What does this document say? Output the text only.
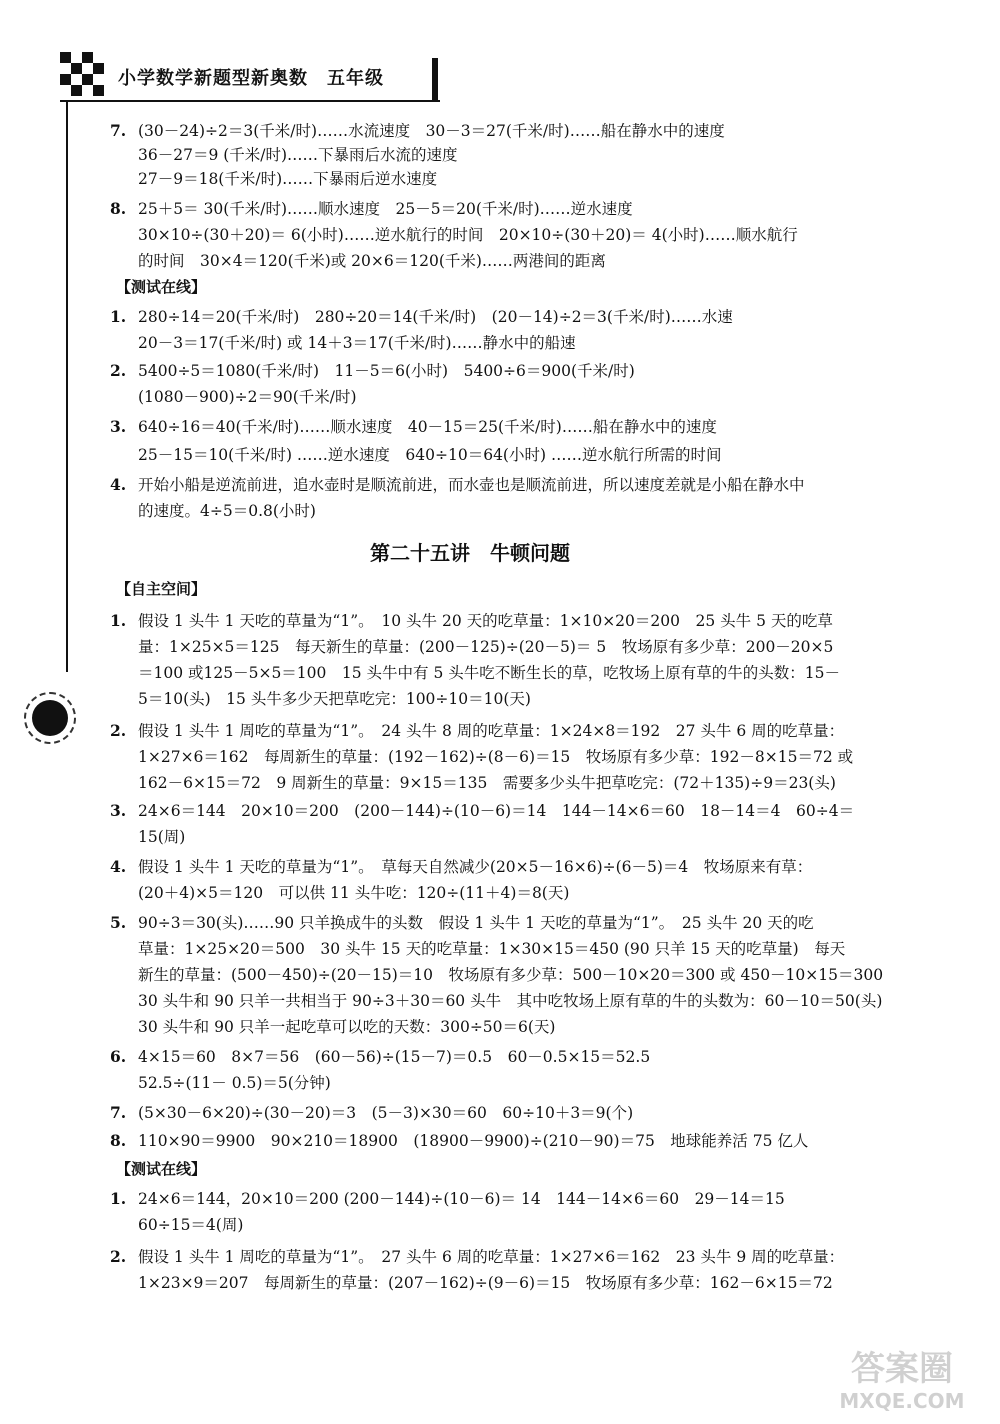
小学数学新题型新奥数　五年级
7. (30－24)÷2＝3(千米/时)……水流速度　30－3＝27(千米/时)……船在静水中的速度
36－27＝9 (千米/时)……下暴雨后水流的速度
27－9＝18(千米/时)……下暴雨后逆水速度
8. 25＋5＝ 30(千米/时)……顺水速度　25－5＝20(千米/时)……逆水速度
30×10÷(30＋20)＝ 6(小时)……逆水航行的时间　20×10÷(30＋20)＝ 4(小时)……顺水航行
的时间　30×4＝120(千米)或 20×6＝120(千米)……两港间的距离
【测试在线】
1. 280÷14＝20(千米/时)　280÷20＝14(千米/时)　(20－14)÷2＝3(千米/时)……水速
20－3＝17(千米/时) 或 14＋3＝17(千米/时)……静水中的船速
2. 5400÷5＝1080(千米/时)　11－5＝6(小时)　5400÷6＝900(千米/时)
(1080－900)÷2＝90(千米/时)
3. 640÷16＝40(千米/时)……顺水速度　40－15＝25(千米/时)……船在静水中的速度
25－15＝10(千米/时) ……逆水速度　640÷10＝64(小时) ……逆水航行所需的时间
4. 开始小船是逆流前进，追水壶时是顺流前进，而水壶也是顺流前进，所以速度差就是小船在静水中
的速度。4÷5＝0.8(小时)
【自主空间】
1. 假设 1 头牛 1 天吃的草量为“1”。　10 头牛 20 天的吃草量：1×10×20＝200　25 头牛 5 天的吃草
量：1×25×5＝125　每天新生的草量：(200－125)÷(20－5)＝ 5　牧场原有多少草：200－20×5
＝100 或125－5×5＝100　15 头牛中有 5 头牛吃不断生长的草，吃牧场上原有草的牛的头数：15－
5＝10(头)　15 头牛多少天把草吃完：100÷10＝10(天)
2. 假设 1 头牛 1 周吃的草量为“1”。　24 头牛 8 周的吃草量：1×24×8＝192　27 头牛 6 周的吃草量：
1×27×6＝162　每周新生的草量：(192－162)÷(8－6)＝15　牧场原有多少草：192－8×15＝72 或
162－6×15＝72　9 周新生的草量：9×15＝135　需要多少头牛把草吃完：(72＋135)÷9＝23(头)
3. 24×6＝144　20×10＝200　(200－144)÷(10－6)＝14　144－14×6＝60　18－14＝4　60÷4＝
15(周)
4. 假设 1 头牛 1 天吃的草量为“1”。　草每天自然减少(20×5－16×6)÷(6－5)＝4　牧场原来有草：
(20＋4)×5＝120　可以供 11 头牛吃：120÷(11＋4)＝8(天)
5. 90÷3＝30(头)……90 只羊换成牛的头数　假设 1 头牛 1 天吃的草量为“1”。　25 头牛 20 天的吃
草量：1×25×20＝500　30 头牛 15 天的吃草量：1×30×15＝450 (90 只羊 15 天的吃草量)　每天
新生的草量：(500－450)÷(20－15)＝10　牧场原有多少草：500－10×20＝300 或 450－10×15＝300
30 头牛和 90 只羊一共相当于 90÷3＋30＝60 头牛　其中吃牧场上原有草的牛的头数为：60－10＝50(头)
30 头牛和 90 只羊一起吃草可以吃的天数：300÷50＝6(天)
6. 4×15＝60　8×7＝56　(60－56)÷(15－7)＝0.5　60－0.5×15＝52.5
52.5÷(11－ 0.5)＝5(分钟)
7. (5×30－6×20)÷(30－20)＝3　(5－3)×30＝60　60÷10＋3＝9(个)
8. 110×90＝9900　90×210＝18900　(18900－9900)÷(210－90)＝75　地球能养活 75 亿人
【测试在线】
1. 24×6＝144，20×10＝200 (200－144)÷(10－6)＝ 14　144－14×6＝60　29－14＝15
60÷15＝4(周)
2. 假设 1 头牛 1 周吃的草量为“1”。　27 头牛 6 周的吃草量：1×27×6＝162　23 头牛 9 周的吃草量：
1×23×9＝207　每周新生的草量：(207－162)÷(9－6)＝15　牧场原有多少草：162－6×15＝72
第二十五讲　牛顿问题
答案圈
MXQE.COM
